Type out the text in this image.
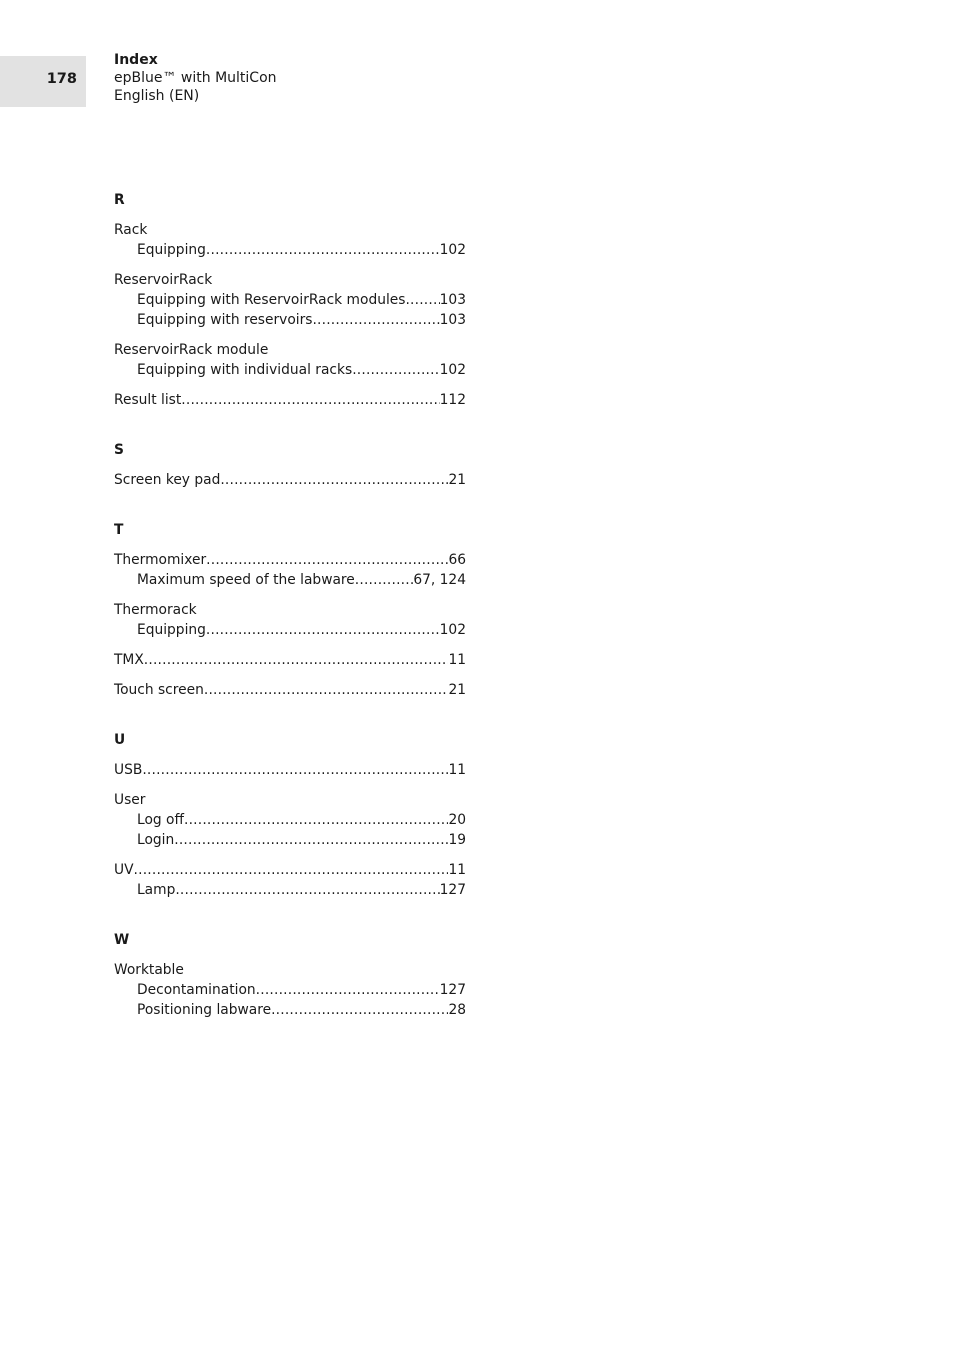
178
Index
epBlue™ with MultiCon
English (EN)
R
Rack
Equipping .....	102
ReservoirRack
Equipping with ReservoirRack modules ..... 103
Equipping with reservoirs .....	103
ReservoirRack module
Equipping with individual racks .....	102
Result list .....	112
S
Screen key pad .....	21
T
Thermomixer .....	66
Maximum speed of the labware .....	67, 124
Thermorack
Equipping .....	102
TMX .....	11
Touch screen .....	21
U
USB .....	11
User
Log off .....	20
Login .....	19
UV .....	11
Lamp .....	127
W
Worktable
Decontamination .....	127
Positioning labware .....	28
